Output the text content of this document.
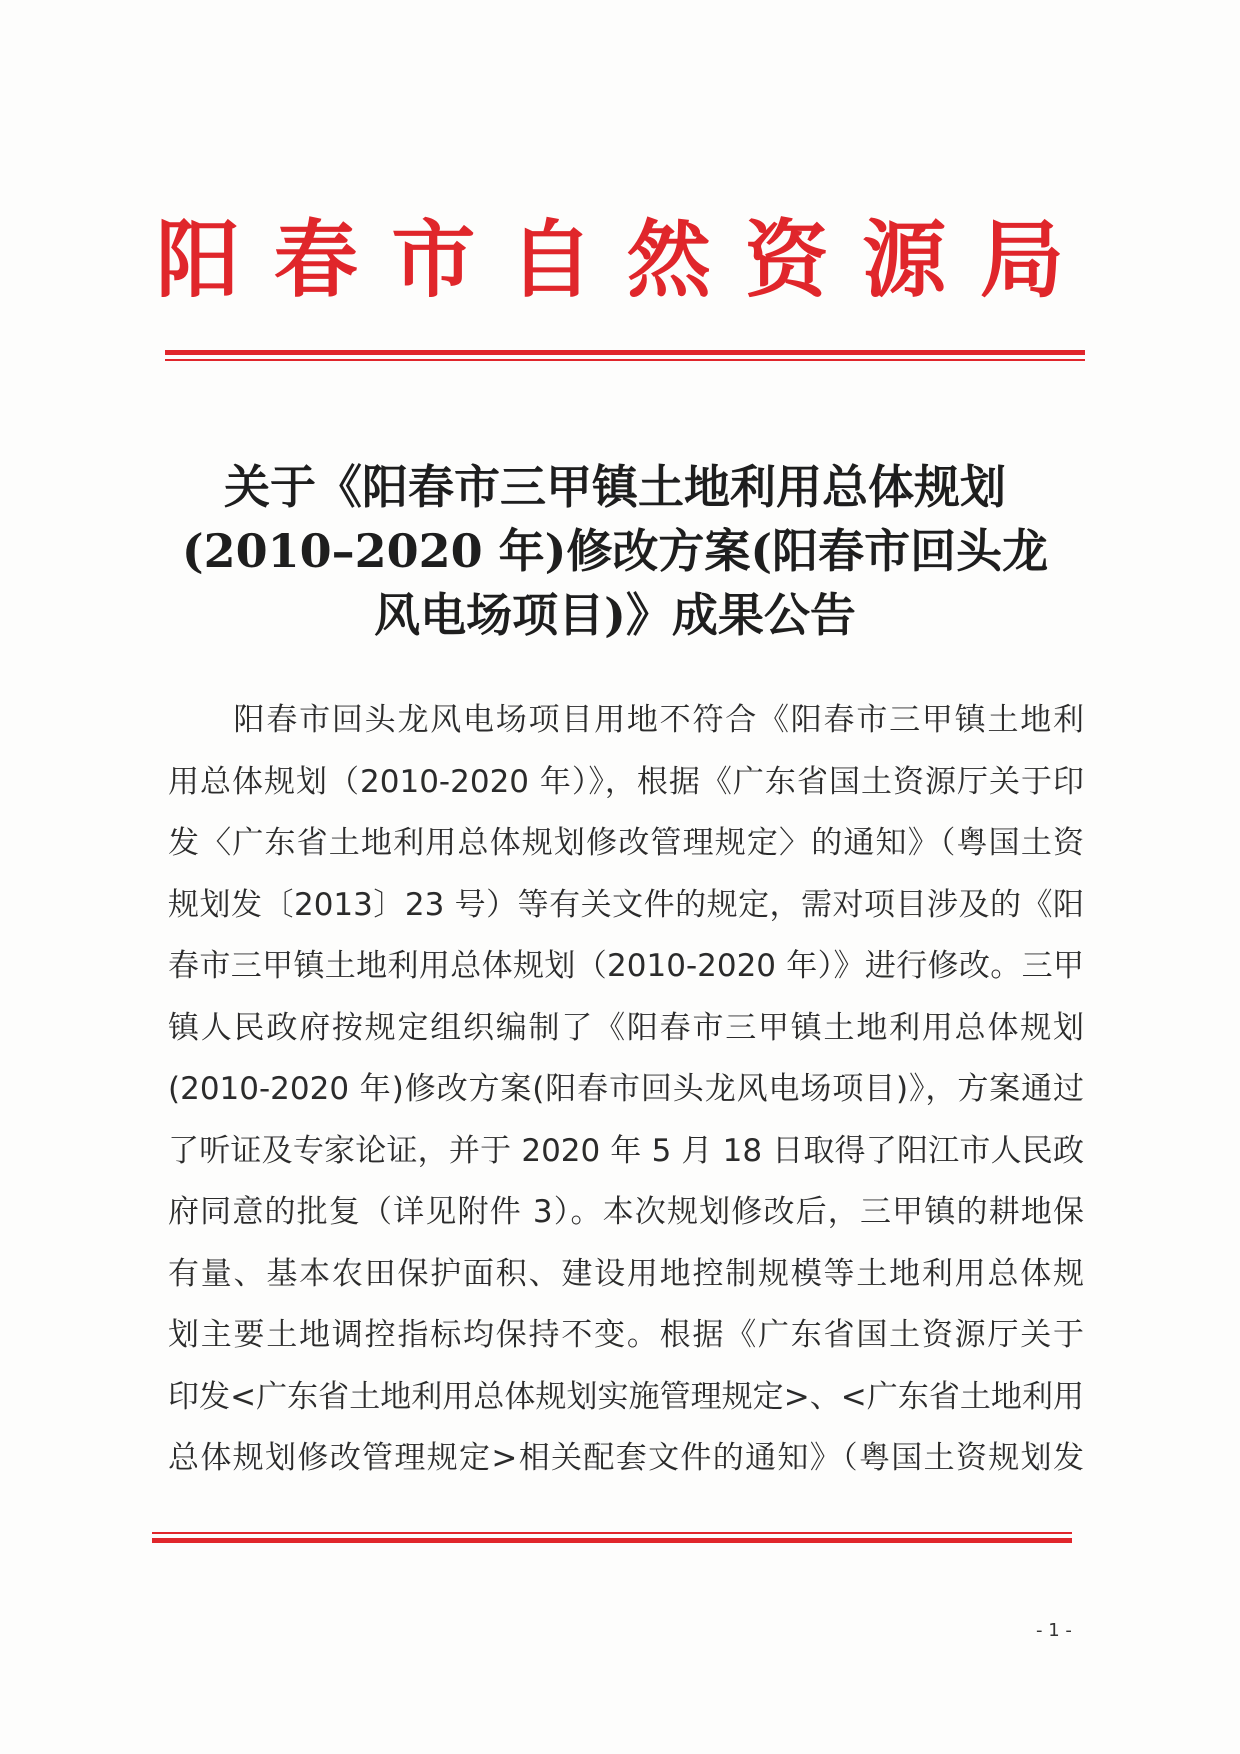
阳 春 市 自 然 资 源 局
关于《阳春市三甲镇土地利用总体规划
(2010–2020 年)修改方案(阳春市回头龙
风电场项目)》成果公告
　　阳春市回头龙风电场项目用地不符合《阳春市三甲镇土地利
用总体规划（2010-2020 年）》，根据《广东省国土资源厅关于印
发〈广东省土地利用总体规划修改管理规定〉的通知》（粤国土资
规划发〔2013〕23 号）等有关文件的规定，需对项目涉及的《阳
春市三甲镇土地利用总体规划（2010-2020 年）》进行修改。三甲
镇人民政府按规定组织编制了《阳春市三甲镇土地利用总体规划
(2010-2020 年)修改方案(阳春市回头龙风电场项目)》，方案通过
了听证及专家论证，并于 2020 年 5 月 18 日取得了阳江市人民政
府同意的批复（详见附件 3）。本次规划修改后，三甲镇的耕地保
有量、基本农田保护面积、建设用地控制规模等土地利用总体规
划主要土地调控指标均保持不变。根据《广东省国土资源厅关于
印发<广东省土地利用总体规划实施管理规定>、<广东省土地利用
总体规划修改管理规定>相关配套文件的通知》（粤国土资规划发
- 1 -
